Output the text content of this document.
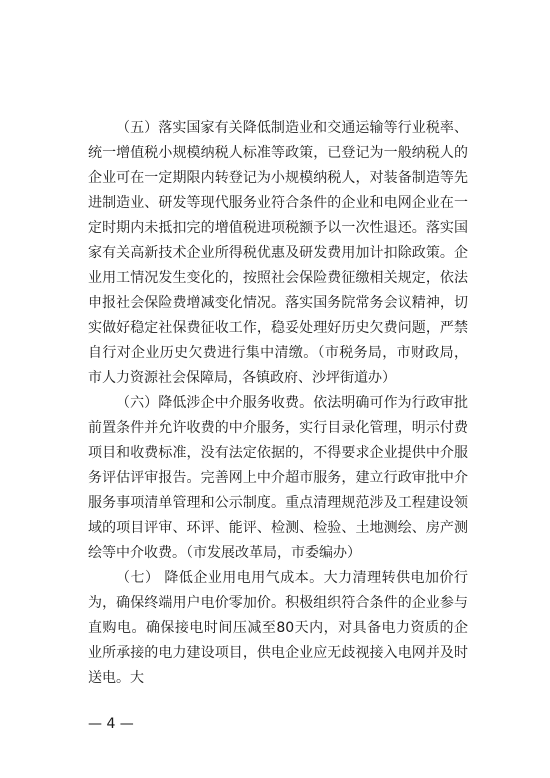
（五）落实国家有关降低制造业和交通运输等行业税率、统一增值税小规模纳税人标准等政策，已登记为一般纳税人的企业可在一定期限内转登记为小规模纳税人，对装备制造等先进制造业、研发等现代服务业符合条件的企业和电网企业在一定时期内未抵扣完的增值税进项税额予以一次性退还。落实国家有关高新技术企业所得税优惠及研发费用加计扣除政策。企业用工情况发生变化的，按照社会保险费征缴相关规定，依法申报社会保险费增减变化情况。落实国务院常务会议精神，切实做好稳定社保费征收工作，稳妥处理好历史欠费问题，严禁自行对企业历史欠费进行集中清缴。（市税务局，市财政局，市人力资源社会保障局，各镇政府、沙坪街道办）

（六）降低涉企中介服务收费。依法明确可作为行政审批前置条件并允许收费的中介服务，实行目录化管理，明示付费项目和收费标准，没有法定依据的，不得要求企业提供中介服务评估评审报告。完善网上中介超市服务，建立行政审批中介服务事项清单管理和公示制度。重点清理规范涉及工程建设领域的项目评审、环评、能评、检测、检验、土地测绘、房产测绘等中介收费。（市发展改革局，市委编办）

（七） 降低企业用电用气成本。大力清理转供电加价行为，确保终端用户电价零加价。积极组织符合条件的企业参与直购电。确保接电时间压减至80天内，对具备电力资质的企业所承接的电力建设项目，供电企业应无歧视接入电网并及时送电。大

— 4 —
